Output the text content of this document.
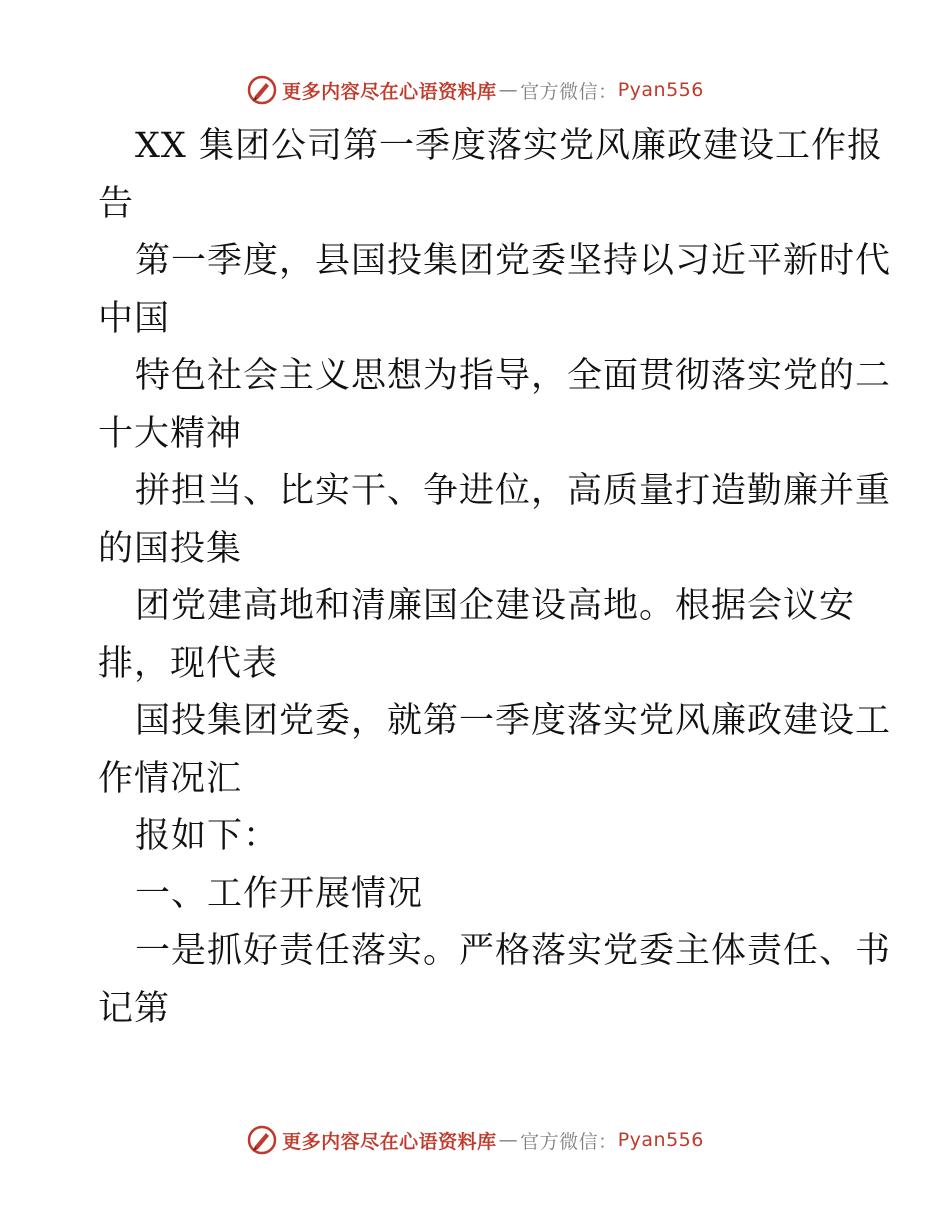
更多内容尽在心语资料库 — 官方微信： Pyan556
XX 集团公司第一季度落实党风廉政建设工作报
告
第一季度，县国投集团党委坚持以习近平新时代
中国
特色社会主义思想为指导，全面贯彻落实党的二
十大精神
拼担当、比实干、争进位，高质量打造勤廉并重
的国投集
团党建高地和清廉国企建设高地。根据会议安
排，现代表
国投集团党委，就第一季度落实党风廉政建设工
作情况汇
报如下：
一、工作开展情况
一是抓好责任落实。严格落实党委主体责任、书
记第
更多内容尽在心语资料库 — 官方微信： Pyan556
